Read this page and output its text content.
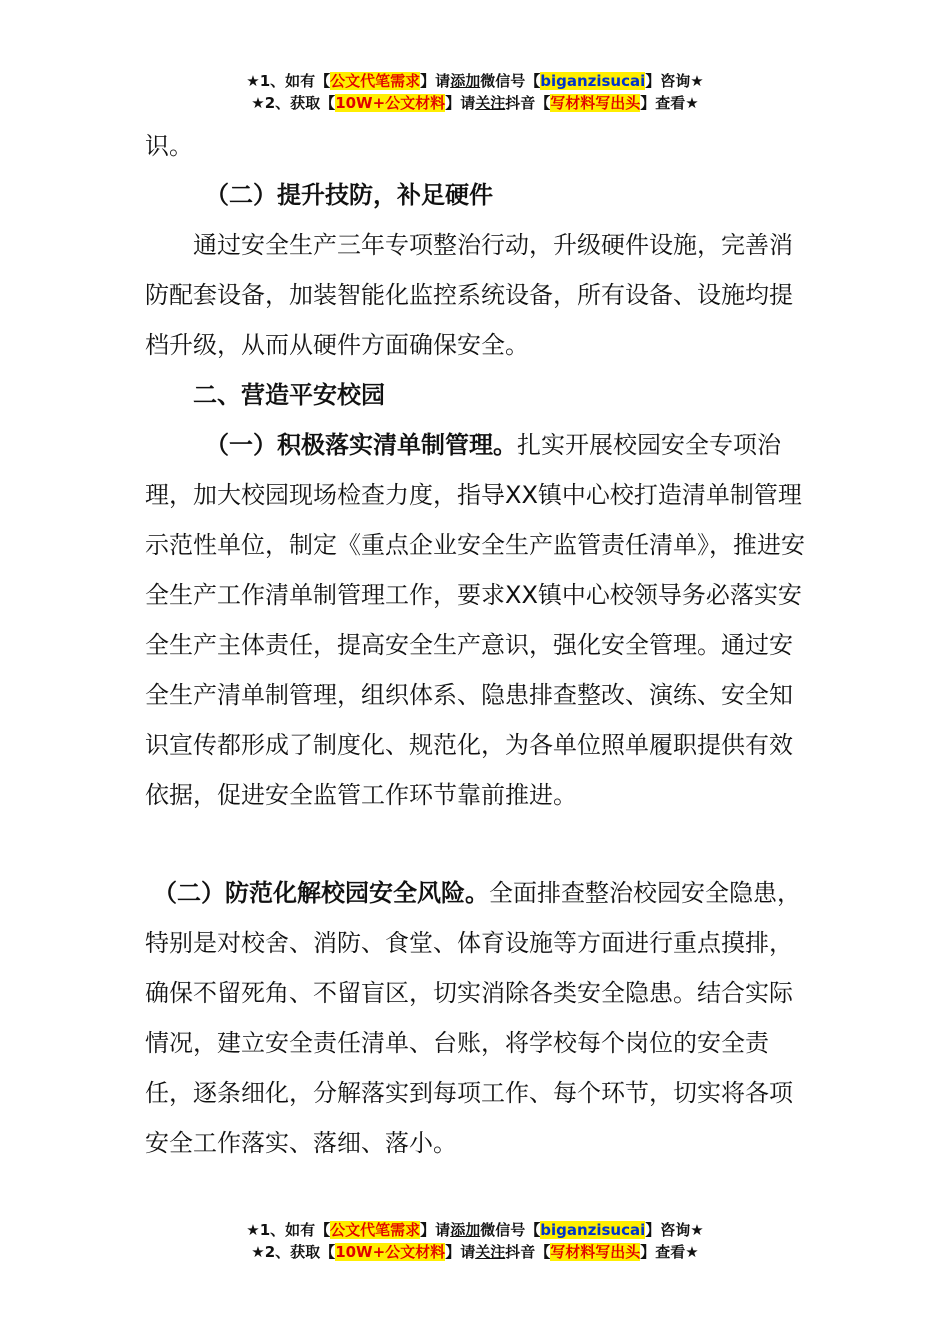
★1、如有【公文代笔需求】请添加微信号【biganzisucai】咨询★
★2、获取【10W+公文材料】请关注抖音【写材料写出头】查看★
识。
（二）提升技防，补足硬件

通过安全生产三年专项整治行动，升级硬件设施，完善消防配套设备，加装智能化监控系统设备，所有设备、设施均提档升级，从而从硬件方面确保安全。

二、营造平安校园

（一）积极落实清单制管理。扎实开展校园安全专项治理，加大校园现场检查力度，指导XX镇中心校打造清单制管理示范性单位，制定《重点企业安全生产监管责任清单》，推进安全生产工作清单制管理工作，要求XX镇中心校领导务必落实安全生产主体责任，提高安全生产意识，强化安全管理。通过安全生产清单制管理，组织体系、隐患排查整改、演练、安全知识宣传都形成了制度化、规范化，为各单位照单履职提供有效依据，促进安全监管工作环节靠前推进。

（二）防范化解校园安全风险。全面排查整治校园安全隐患，特别是对校舍、消防、食堂、体育设施等方面进行重点摸排，确保不留死角、不留盲区，切实消除各类安全隐患。结合实际情况，建立安全责任清单、台账，将学校每个岗位的安全责任，逐条细化，分解落实到每项工作、每个环节，切实将各项安全工作落实、落细、落小。

★1、如有【公文代笔需求】请添加微信号【biganzisucai】咨询★
★2、获取【10W+公文材料】请关注抖音【写材料写出头】查看★
